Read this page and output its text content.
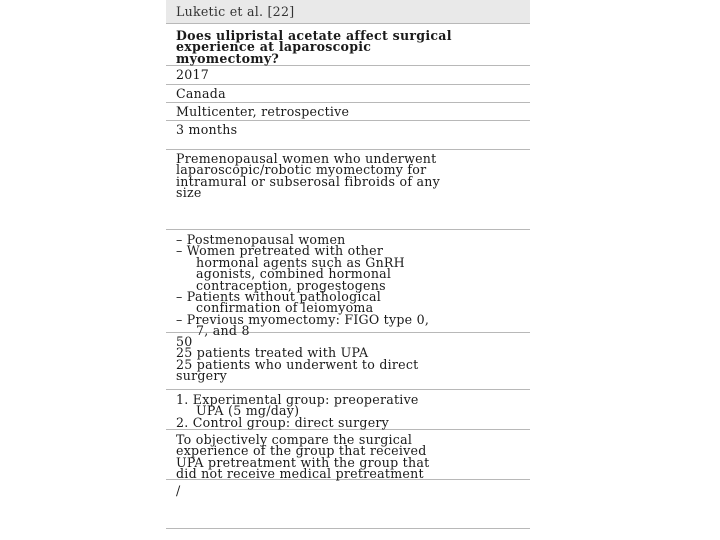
Luketic et al. [22]
Does ulipristal acetate affect surgical
experience at laparoscopic
myomectomy?
2017
Canada
Multicenter, retrospective
3 months
Premenopausal women who underwent
laparoscopic/robotic myomectomy for
intramural or subserosal fibroids of any
size
– Postmenopausal women
– Women pretreated with other
hormonal agents such as GnRH
agonists, combined hormonal
contraception, progestogens
– Patients without pathological
confirmation of leiomyoma
– Previous myomectomy: FIGO type 0,
7, and 8
50
25 patients treated with UPA
25 patients who underwent to direct
surgery
1. Experimental group: preoperative
UPA (5 mg/day)
2. Control group: direct surgery
To objectively compare the surgical
experience of the group that received
UPA pretreatment with the group that
did not receive medical pretreatment
/
